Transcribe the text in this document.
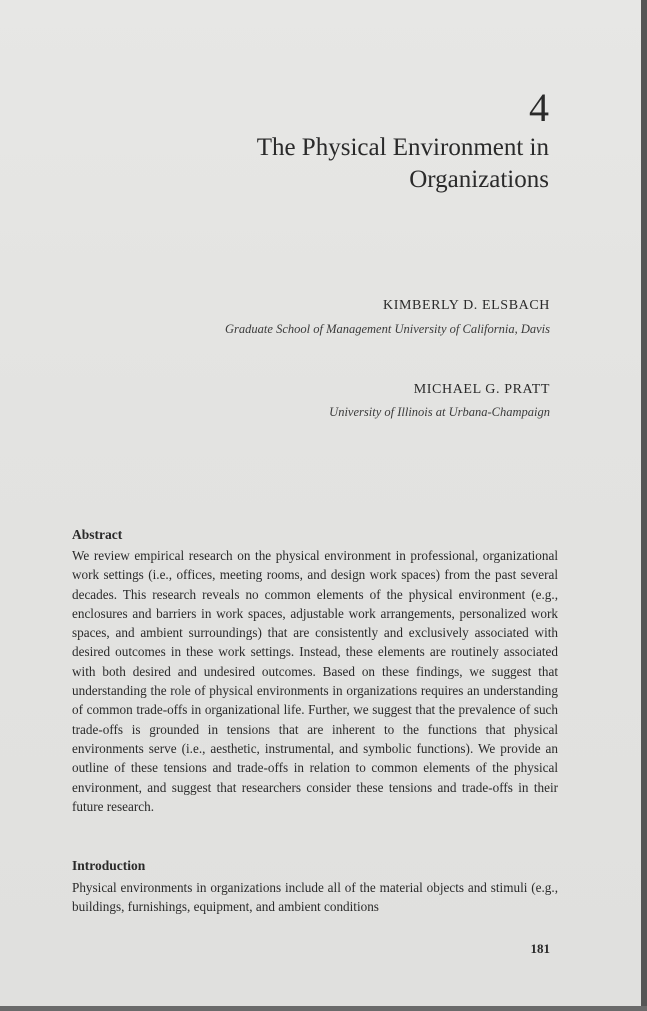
4
The Physical Environment in Organizations
KIMBERLY D. ELSBACH
Graduate School of Management University of California, Davis
MICHAEL G. PRATT
University of Illinois at Urbana-Champaign
Abstract
We review empirical research on the physical environment in professional, organizational work settings (i.e., offices, meeting rooms, and design work spaces) from the past several decades. This research reveals no common elements of the physical environment (e.g., enclosures and barriers in work spaces, adjustable work arrangements, personalized work spaces, and ambient surroundings) that are consistently and exclusively associated with desired outcomes in these work settings. Instead, these elements are routinely associated with both desired and undesired outcomes. Based on these findings, we suggest that understanding the role of physical environments in organizations requires an understanding of common trade-offs in organizational life. Further, we suggest that the prevalence of such trade-offs is grounded in tensions that are inherent to the functions that physical environments serve (i.e., aesthetic, instrumental, and symbolic functions). We provide an outline of these tensions and trade-offs in relation to common elements of the physical environment, and suggest that researchers consider these tensions and trade-offs in their future research.
Introduction
Physical environments in organizations include all of the material objects and stimuli (e.g., buildings, furnishings, equipment, and ambient conditions
181
